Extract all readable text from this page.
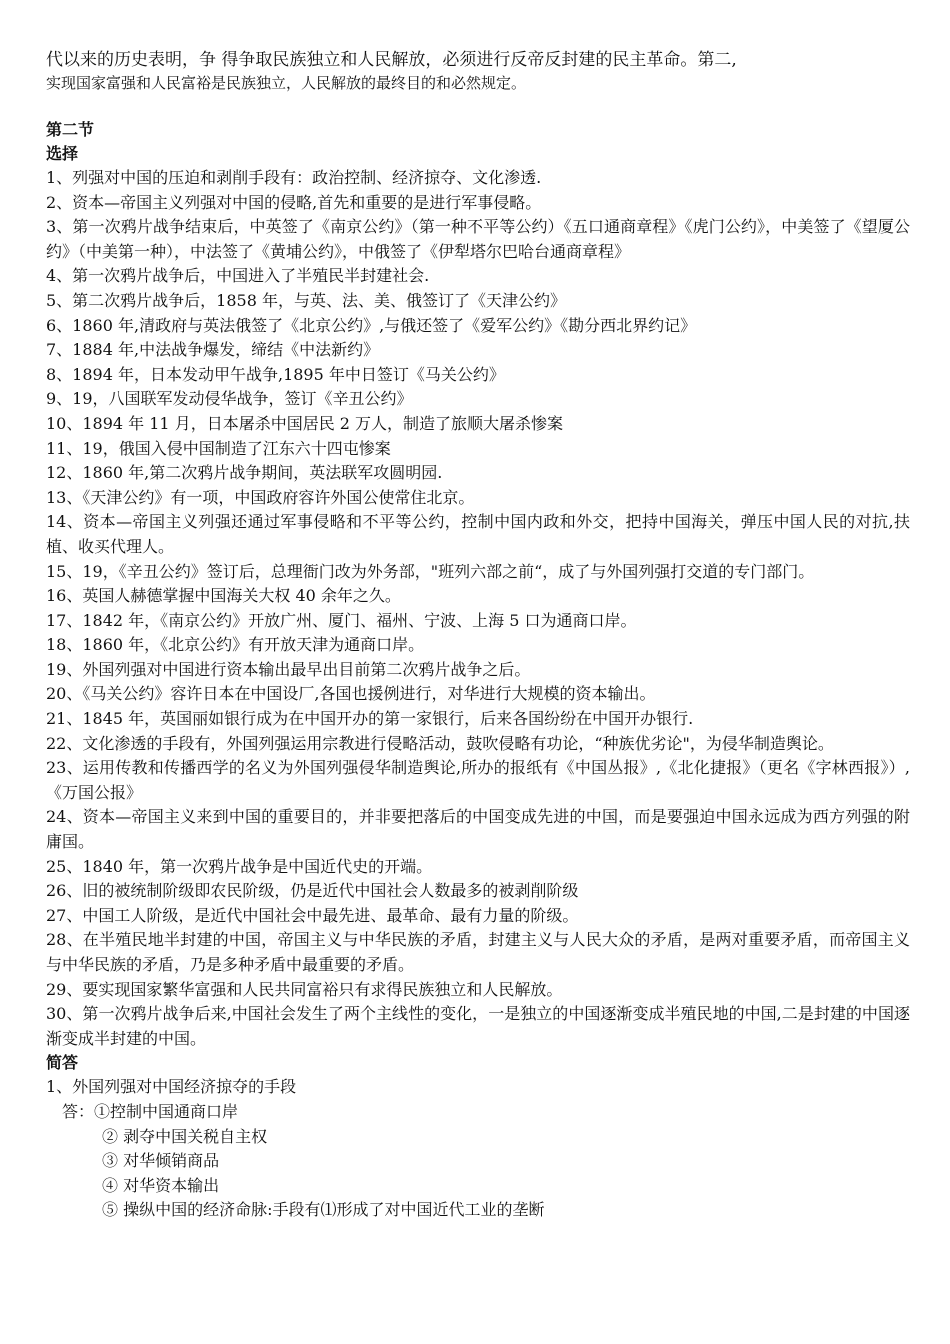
代以来的历史表明，争 得争取民族独立和人民解放，必须进行反帝反封建的民主革命。第二,

实现国家富强和人民富裕是民族独立，人民解放的最终目的和必然规定。

第二节

选择

1、列强对中国的压迫和剥削手段有：政治控制、经济掠夺、文化渗透.

2、资本—帝国主义列强对中国的侵略,首先和重要的是进行军事侵略。

3、第一次鸦片战争结束后，中英签了《南京公约》（第一种不平等公约）《五口通商章程》《虎门公约》，中美签了《望厦公约》（中美第一种），中法签了《黄埔公约》，中俄签了《伊犁塔尔巴哈台通商章程》

4、第一次鸦片战争后，中国进入了半殖民半封建社会.

5、第二次鸦片战争后，1858 年，与英、法、美、俄签订了《天津公约》

6、1860 年,清政府与英法俄签了《北京公约》,与俄还签了《爱军公约》《勘分西北界约记》

7、1884 年,中法战争爆发，缔结《中法新约》

8、1894 年，日本发动甲午战争,1895 年中日签订《马关公约》

9、19，八国联军发动侵华战争，签订《辛丑公约》

10、1894 年 11 月，日本屠杀中国居民 2 万人，制造了旅顺大屠杀惨案

11、19，俄国入侵中国制造了江东六十四屯惨案

12、1860 年,第二次鸦片战争期间，英法联军攻圆明园.

13、《天津公约》有一项，中国政府容许外国公使常住北京。

14、资本—帝国主义列强还通过军事侵略和不平等公约，控制中国内政和外交，把持中国海关，弹压中国人民的对抗,扶植、收买代理人。

15、19，《辛丑公约》签订后，总理衙门改为外务部，"班列六部之前“，成了与外国列强打交道的专门部门。

16、英国人赫德掌握中国海关大权 40 余年之久。

17、1842 年，《南京公约》开放广州、厦门、福州、宁波、上海 5 口为通商口岸。

18、1860 年，《北京公约》有开放天津为通商口岸。

19、外国列强对中国进行资本输出最早出目前第二次鸦片战争之后。

20、《马关公约》容许日本在中国设厂,各国也援例进行，对华进行大规模的资本输出。

21、1845 年，英国丽如银行成为在中国开办的第一家银行，后来各国纷纷在中国开办银行.

22、文化渗透的手段有，外国列强运用宗教进行侵略活动，鼓吹侵略有功论，“种族优劣论"，为侵华制造舆论。

23、运用传教和传播西学的名义为外国列强侵华制造舆论,所办的报纸有《中国丛报》,《北化捷报》（更名《字林西报》）,《万国公报》

24、资本—帝国主义来到中国的重要目的，并非要把落后的中国变成先进的中国，而是要强迫中国永远成为西方列强的附庸国。

25、1840 年，第一次鸦片战争是中国近代史的开端。

26、旧的被统制阶级即农民阶级，仍是近代中国社会人数最多的被剥削阶级

27、中国工人阶级，是近代中国社会中最先进、最革命、最有力量的阶级。

28、在半殖民地半封建的中国，帝国主义与中华民族的矛盾，封建主义与人民大众的矛盾，是两对重要矛盾，而帝国主义与中华民族的矛盾，乃是多种矛盾中最重要的矛盾。

29、要实现国家繁华富强和人民共同富裕只有求得民族独立和人民解放。

30、第一次鸦片战争后来,中国社会发生了两个主线性的变化，一是独立的中国逐渐变成半殖民地的中国,二是封建的中国逐渐变成半封建的中国。

简答

1、外国列强对中国经济掠夺的手段

答：①控制中国通商口岸

② 剥夺中国关税自主权

③ 对华倾销商品

④ 对华资本输出

⑤ 操纵中国的经济命脉:手段有⑴形成了对中国近代工业的垄断
